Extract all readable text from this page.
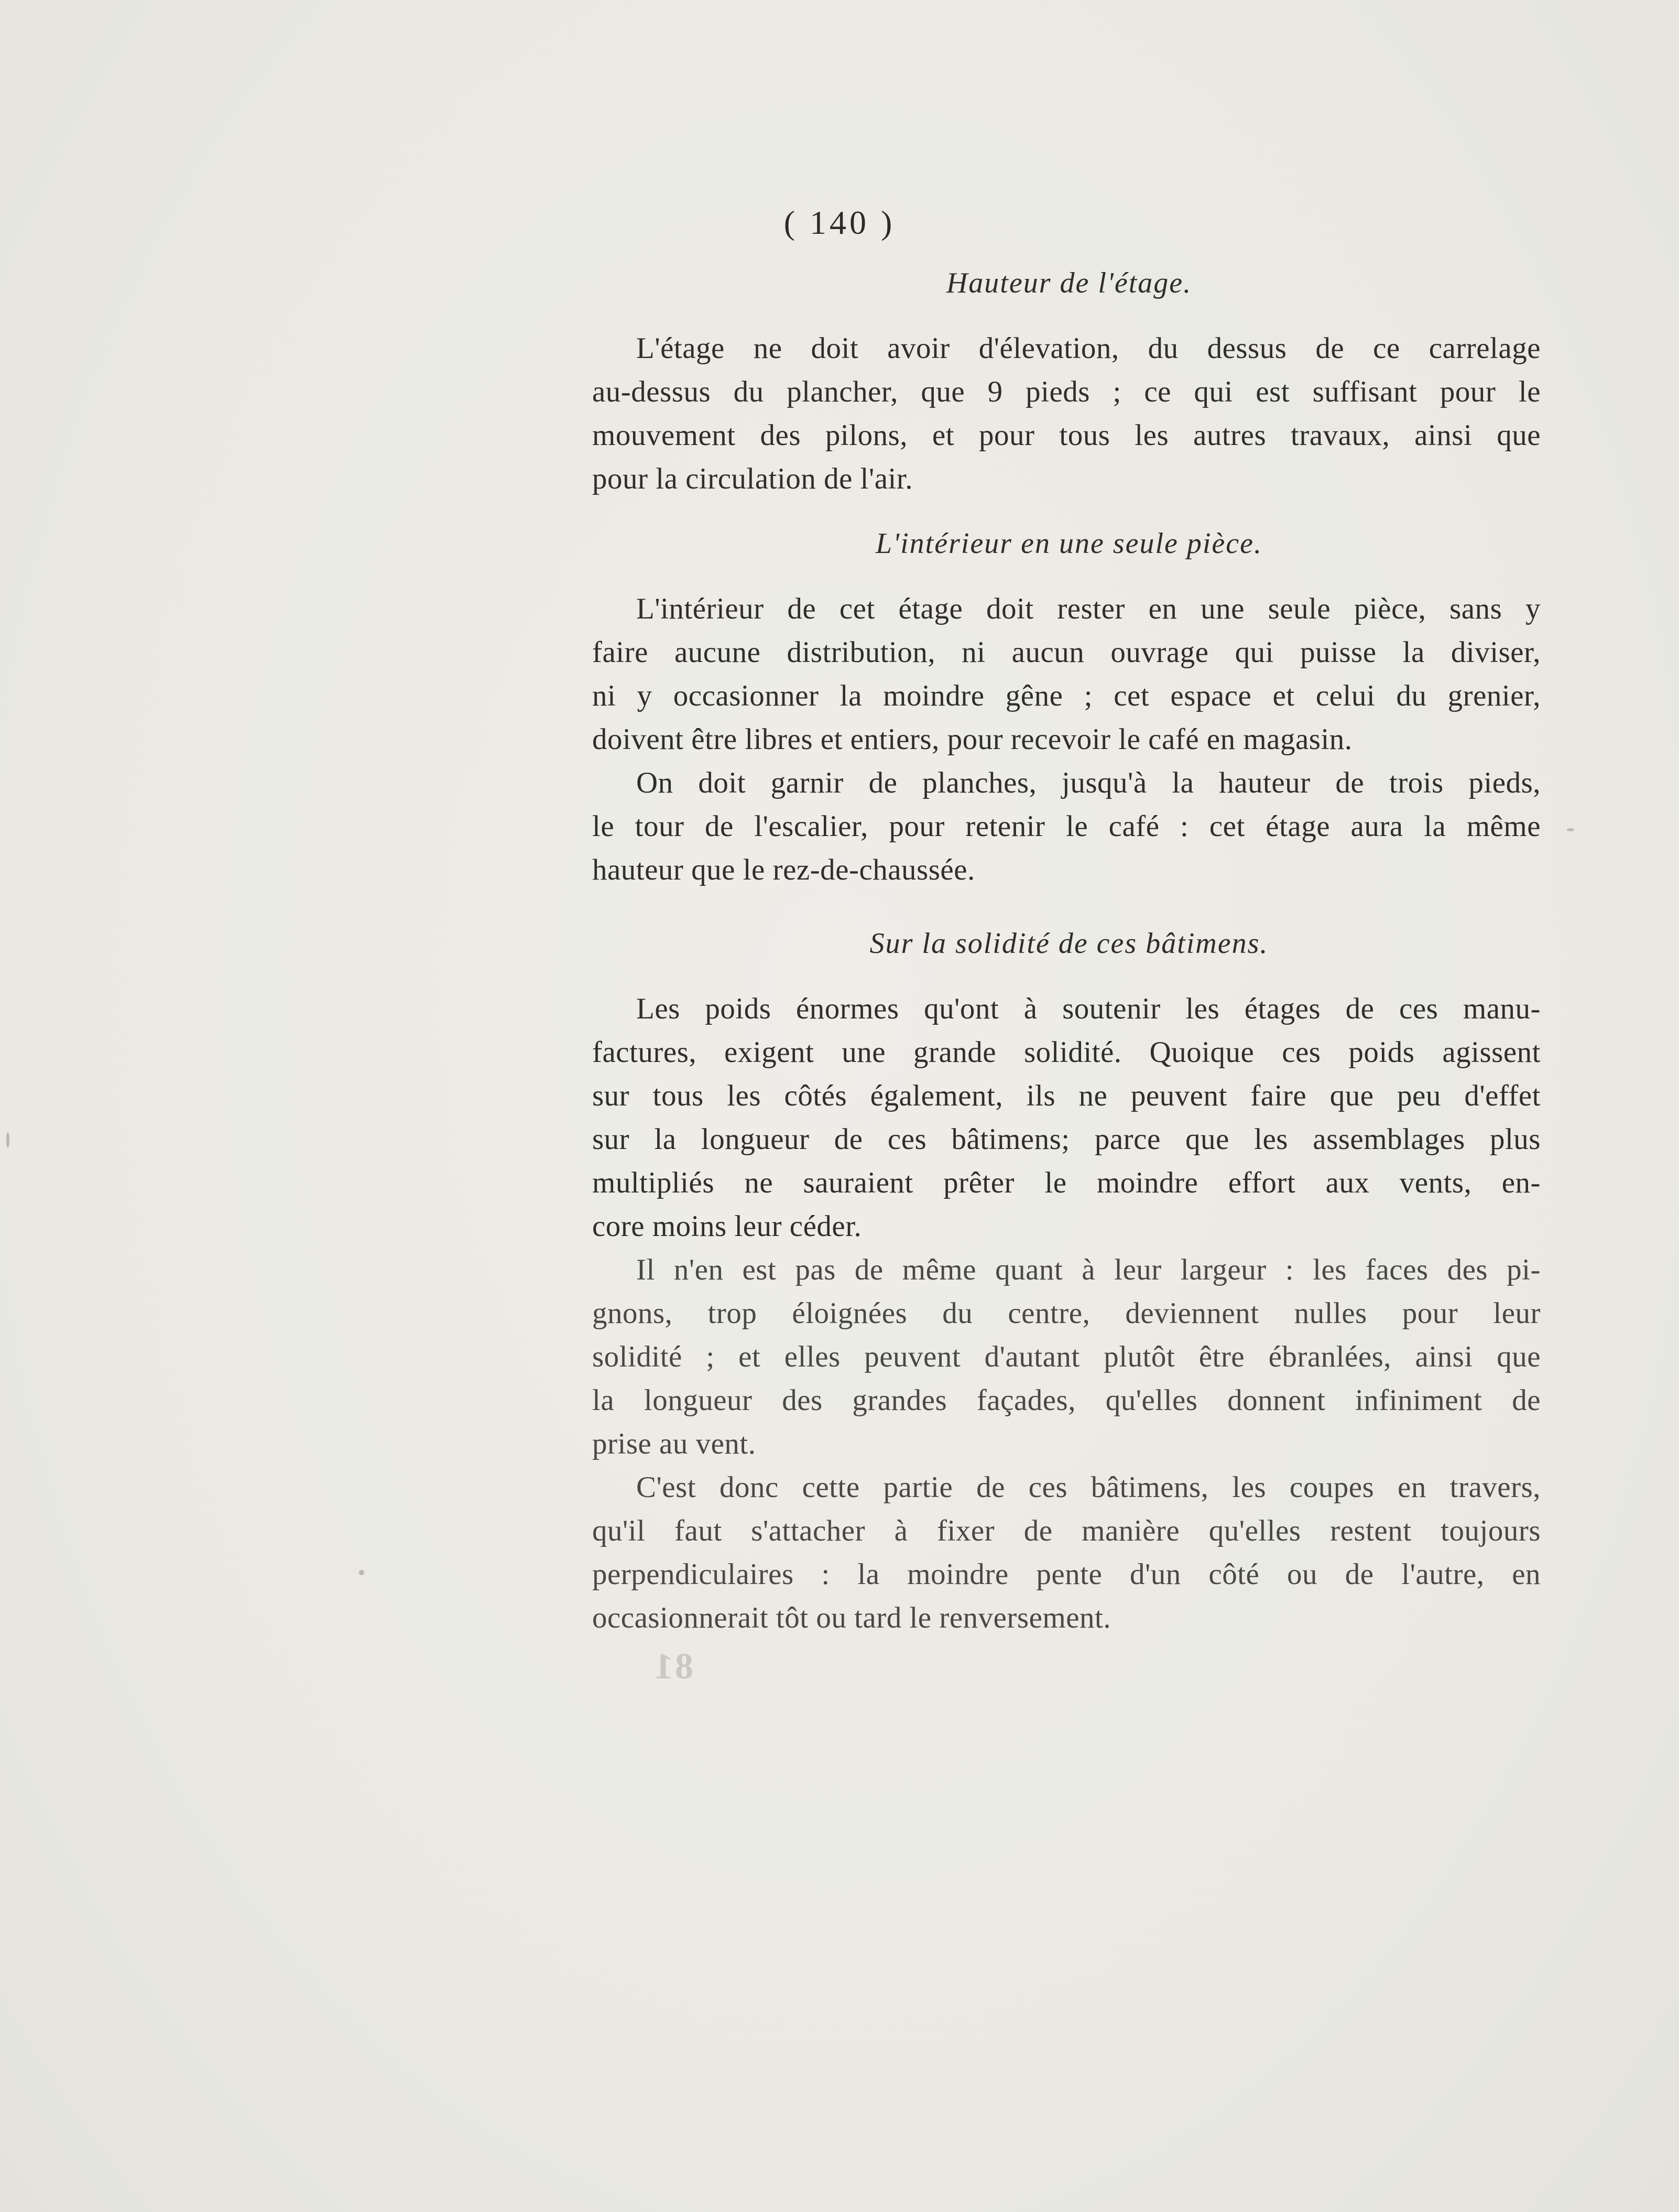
( 140 )
Hauteur de l'étage.
L'étage ne doit avoir d'élevation, du dessus de ce carrelage
au-dessus du plancher, que 9 pieds ; ce qui est suffisant pour le
mouvement des pilons, et pour tous les autres travaux, ainsi que
pour la circulation de l'air.
L'intérieur en une seule pièce.
L'intérieur de cet étage doit rester en une seule pièce, sans y
faire aucune distribution, ni aucun ouvrage qui puisse la diviser,
ni y occasionner la moindre gêne ; cet espace et celui du grenier,
doivent être libres et entiers, pour recevoir le café en magasin.
On doit garnir de planches, jusqu'à la hauteur de trois pieds,
le tour de l'escalier, pour retenir le café : cet étage aura la même
hauteur que le rez-de-chaussée.
Sur la solidité de ces bâtimens.
Les poids énormes qu'ont à soutenir les étages de ces manu-
factures, exigent une grande solidité. Quoique ces poids agissent
sur tous les côtés également, ils ne peuvent faire que peu d'effet
sur la longueur de ces bâtimens; parce que les assemblages plus
multipliés ne sauraient prêter le moindre effort aux vents, en-
core moins leur céder.
Il n'en est pas de même quant à leur largeur : les faces des pi-
gnons, trop éloignées du centre, deviennent nulles pour leur
solidité ; et elles peuvent d'autant plutôt être ébranlées, ainsi que
la longueur des grandes façades, qu'elles donnent infiniment de
prise au vent.
C'est donc cette partie de ces bâtimens, les coupes en travers,
qu'il faut s'attacher à fixer de manière qu'elles restent toujours
perpendiculaires : la moindre pente d'un côté ou de l'autre, en
occasionnerait tôt ou tard le renversement.
81
